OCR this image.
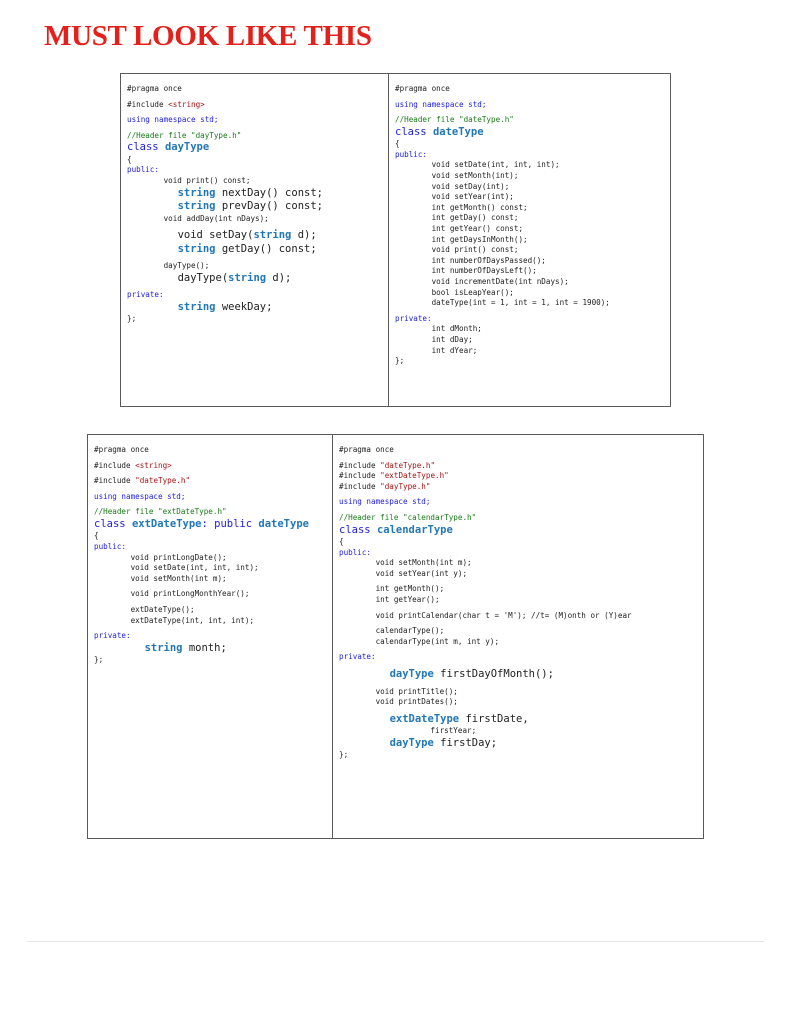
MUST LOOK LIKE THIS
#pragma once
#include <string>
using namespace std;
//Header file "dayType.h"
class dayType
{
public:
void print() const;
string nextDay() const;
string prevDay() const;
void addDay(int nDays);
void setDay(string d);
string getDay() const;
dayType();
dayType(string d);
private:
string weekDay;
};
#pragma once
using namespace std;
//Header file "dateType.h"
class dateType
{
public:
void setDate(int, int, int);
void setMonth(int);
void setDay(int);
void setYear(int);
int getMonth() const;
int getDay() const;
int getYear() const;
int getDaysInMonth();
void print() const;
int numberOfDaysPassed();
int numberOfDaysLeft();
void incrementDate(int nDays);
bool isLeapYear();
dateType(int = 1, int = 1, int = 1900);
private:
int dMonth;
int dDay;
int dYear;
};
#pragma once
#include <string>
#include "dateType.h"
using namespace std;
//Header file "extDateType.h"
class extDateType: public dateType
{
public:
void printLongDate();
void setDate(int, int, int);
void setMonth(int m);
void printLongMonthYear();
extDateType();
extDateType(int, int, int);
private:
string month;
};
#pragma once
#include "dateType.h"
#include "extDateType.h"
#include "dayType.h"
using namespace std;
//Header file "calendarType.h"
class calendarType
{
public:
void setMonth(int m);
void setYear(int y);
int getMonth();
int getYear();
void printCalendar(char t = 'M'); //t= (M)onth or (Y)ear
calendarType();
calendarType(int m, int y);
private:
dayType firstDayOfMonth();
void printTitle();
void printDates();
extDateType firstDate,
firstYear;
dayType firstDay;
};
